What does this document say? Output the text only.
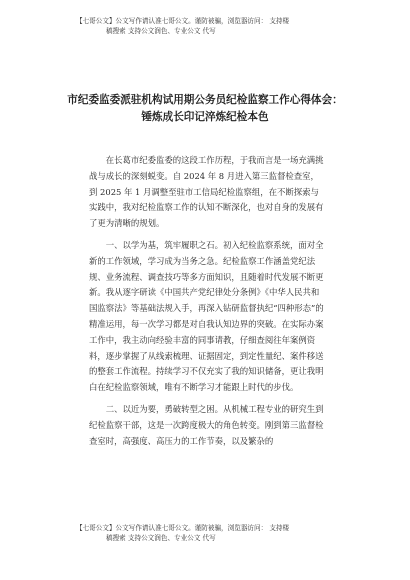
【七哥公文】公文写作请认准七哥公文。谨防被骗，浏览器访问： 支持楼
稿搜索 支持公文润色、专业公文 代写
市纪委监委派驻机构试用期公务员纪检监察工作心得体会：
锤炼成长印记淬炼纪检本色

在长葛市纪委监委的这段工作历程，于我而言是一场充满挑战与成长的深刻蜕变。自 2024 年 8 月进入第三监督检查室，到 2025 年 1 月调整至驻市工信局纪检监察组，在不断探索与实践中，我对纪检监察工作的认知不断深化，也对自身的发展有了更为清晰的规划。

一、以学为基，筑牢履职之石。初入纪检监察系统，面对全新的工作领域，学习成为当务之急。纪检监察工作涵盖党纪法规、业务流程、调查技巧等多方面知识，且随着时代发展不断更新。我从逐字研读《中国共产党纪律处分条例》《中华人民共和国监察法》等基础法规入手，再深入钻研监督执纪“四种形态”的精准运用，每一次学习都是对自我认知边界的突破。在实际办案工作中，我主动向经验丰富的同事请教，仔细查阅往年案例资料，逐步掌握了从线索梳理、证据固定，到定性量纪、案件移送的整套工作流程。持续学习不仅充实了我的知识储备，更让我明白在纪检监察领域，唯有不断学习才能跟上时代的步伐。

二、以近为要，勇破转型之困。从机械工程专业的研究生到纪检监察干部，这是一次跨度极大的角色转变。刚到第三监督检查室时，高强度、高压力的工作节奏，以及繁杂的

【七哥公文】公文写作请认准七哥公文。谨防被骗，浏览器访问： 支持楼
稿搜索 支持公文润色、专业公文 代写
